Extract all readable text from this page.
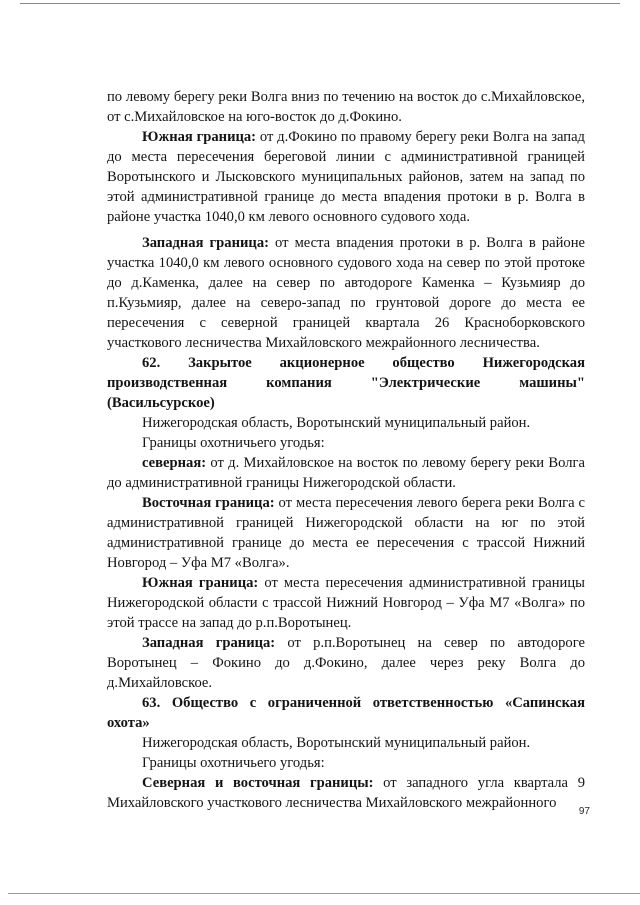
по левому берегу реки Волга вниз по течению на восток до с.Михайловское, от с.Михайловское на юго-восток до д.Фокино.

Южная граница: от д.Фокино по правому берегу реки Волга на запад до места пересечения береговой линии с административной границей Воротынского и Лысковского муниципальных районов, затем на запад по этой административной границе до места впадения протоки в р. Волга в районе участка 1040,0 км левого основного судового хода.

Западная граница: от места впадения протоки в р. Волга в районе участка 1040,0 км левого основного судового хода на север по этой протоке до д.Каменка, далее на север по автодороге Каменка – Кузьмияр до п.Кузьмияр, далее на северо-запад по грунтовой дороге до места ее пересечения с северной границей квартала 26 Красноборковского участкового лесничества Михайловского межрайонного лесничества.

62. Закрытое акционерное общество Нижегородская производственная компания "Электрические машины" (Васильсурское)

Нижегородская область, Воротынский муниципальный район.

Границы охотничьего угодья:

северная: от д. Михайловское на восток по левому берегу реки Волга до административной границы Нижегородской области.

Восточная граница: от места пересечения левого берега реки Волга с административной границей Нижегородской области на юг по этой административной границе до места ее пересечения с трассой Нижний Новгород – Уфа М7 «Волга».

Южная граница: от места пересечения административной границы Нижегородской области с трассой Нижний Новгород – Уфа М7 «Волга» по этой трассе на запад до р.п.Воротынец.

Западная граница: от р.п.Воротынец на север по автодороге Воротынец – Фокино до д.Фокино, далее через реку Волга до д.Михайловское.

63. Общество с ограниченной ответственностью «Сапинская охота»

Нижегородская область, Воротынский муниципальный район.

Границы охотничьего угодья:

Северная и восточная границы: от западного угла квартала 9 Михайловского участкового лесничества Михайловского межрайонного

97
